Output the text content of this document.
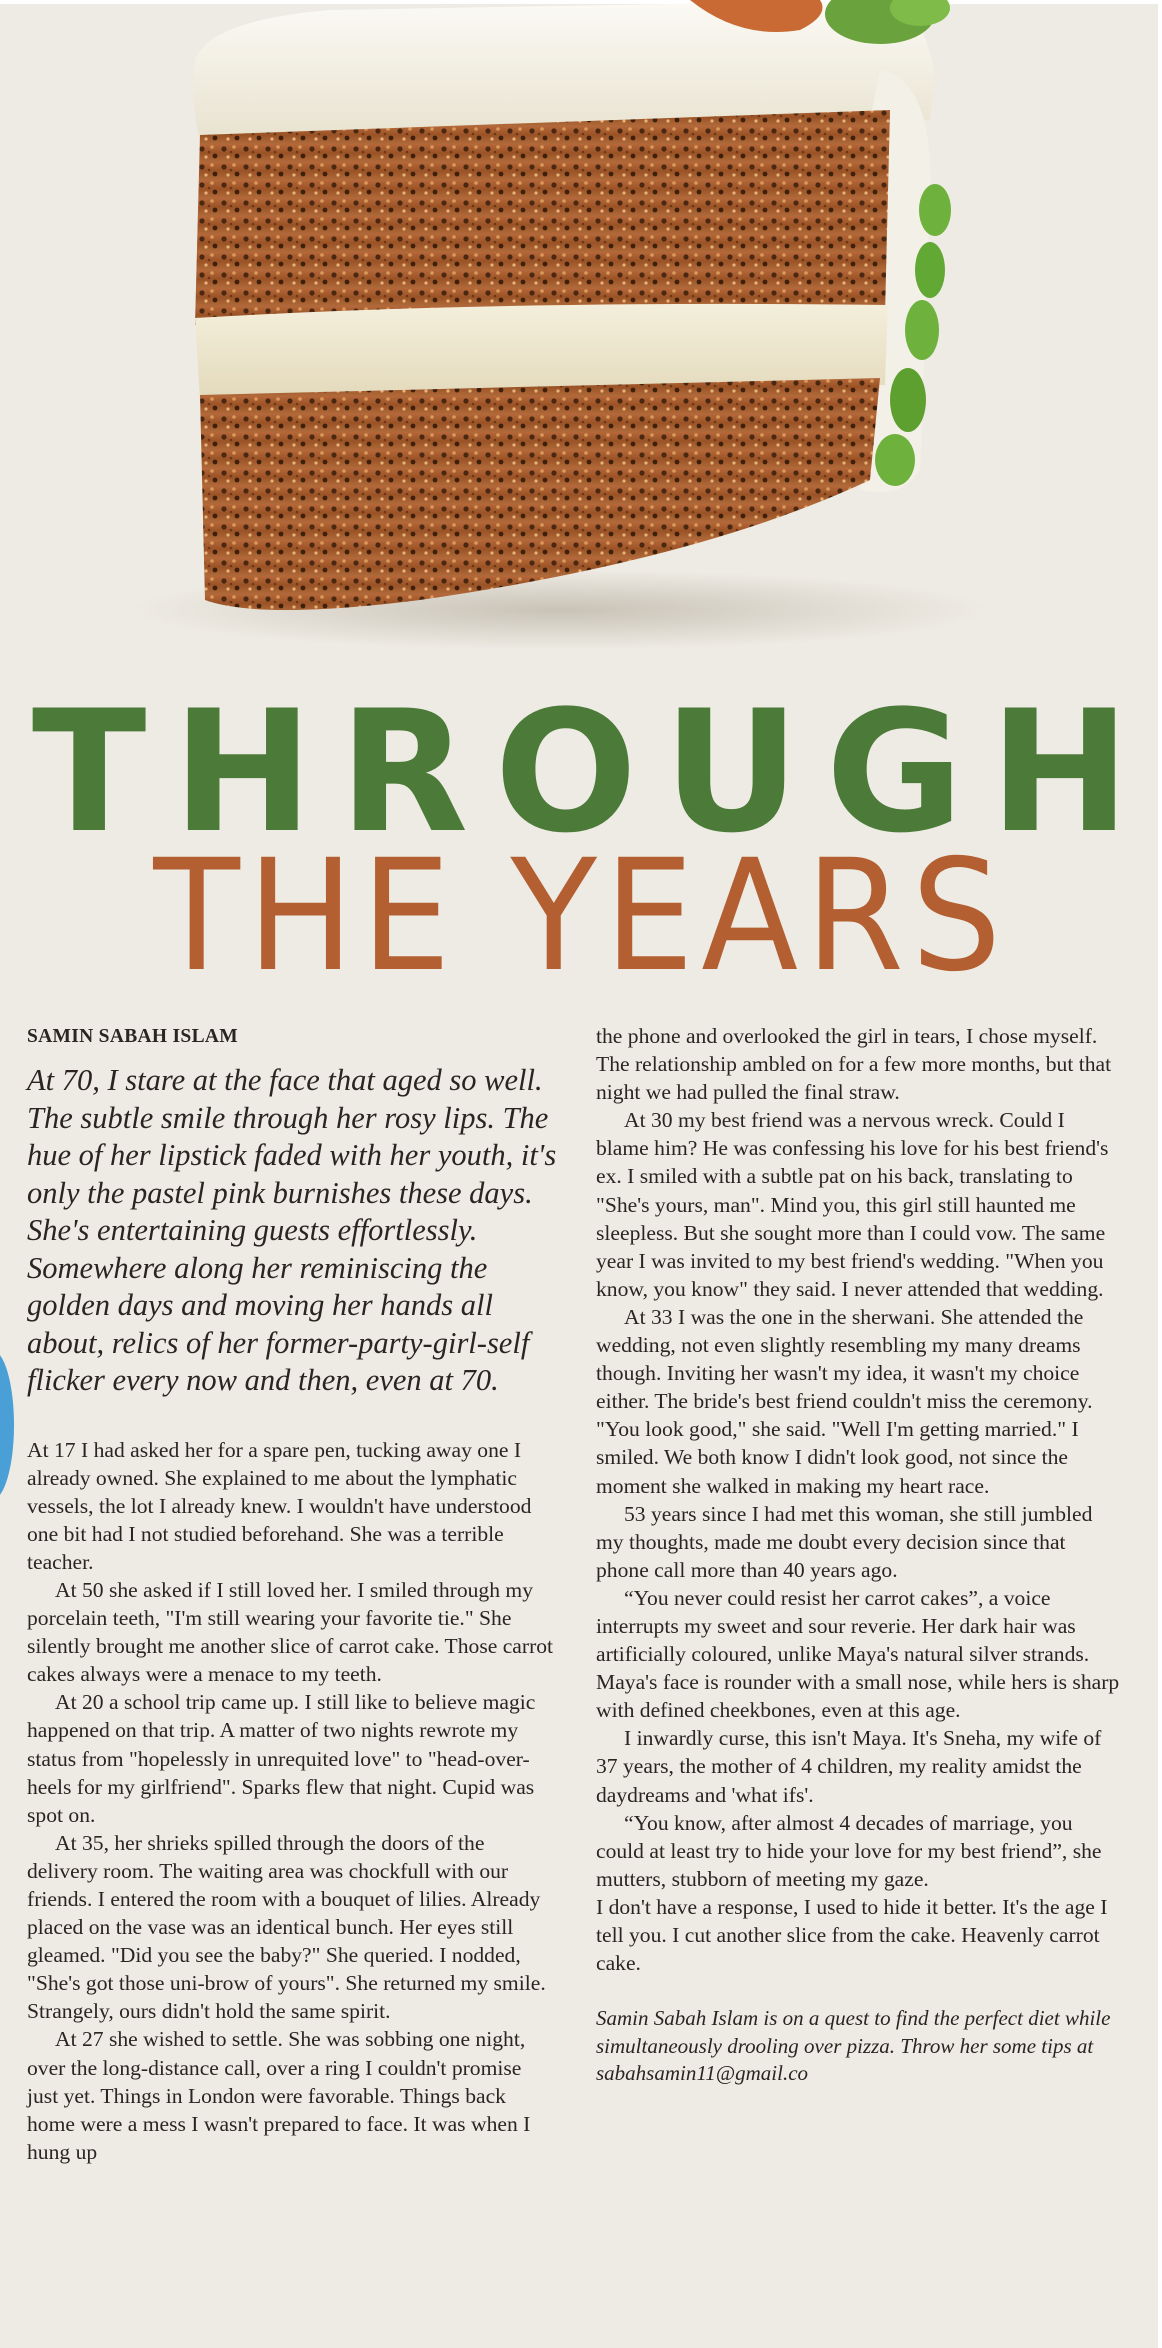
THROUGH
THE YEARS
SAMIN SABAH ISLAM
At 70, I stare at the face that aged so well. The subtle smile through her rosy lips. The hue of her lipstick faded with her youth, it's only the pastel pink burnishes these days. She's entertaining guests effortlessly. Somewhere along her reminiscing the golden days and moving her hands all about, relics of her former-party-girl-self flicker every now and then, even at 70.

At 17 I had asked her for a spare pen, tucking away one I already owned. She explained to me about the lymphatic vessels, the lot I already knew. I wouldn't have understood one bit had I not studied beforehand. She was a terrible teacher.

At 50 she asked if I still loved her. I smiled through my porcelain teeth, "I'm still wearing your favorite tie." She silently brought me another slice of carrot cake. Those carrot cakes always were a menace to my teeth.

At 20 a school trip came up. I still like to believe magic happened on that trip. A matter of two nights rewrote my status from "hopelessly in unrequited love" to "head-over-heels for my girlfriend". Sparks flew that night. Cupid was spot on.

At 35, her shrieks spilled through the doors of the delivery room. The waiting area was chockfull with our friends. I entered the room with a bouquet of lilies. Already placed on the vase was an identical bunch. Her eyes still gleamed. "Did you see the baby?" She queried. I nodded, "She's got those uni-brow of yours". She returned my smile. Strangely, ours didn't hold the same spirit.

At 27 she wished to settle. She was sobbing one night, over the long-distance call, over a ring I couldn't promise just yet. Things in London were favorable. Things back home were a mess I wasn't prepared to face. It was when I hung up

the phone and overlooked the girl in tears, I chose myself. The relationship ambled on for a few more months, but that night we had pulled the final straw.

At 30 my best friend was a nervous wreck. Could I blame him? He was confessing his love for his best friend's ex. I smiled with a subtle pat on his back, translating to "She's yours, man". Mind you, this girl still haunted me sleepless. But she sought more than I could vow. The same year I was invited to my best friend's wedding. "When you know, you know" they said. I never attended that wedding.

At 33 I was the one in the sherwani. She attended the wedding, not even slightly resembling my many dreams though. Inviting her wasn't my idea, it wasn't my choice either. The bride's best friend couldn't miss the ceremony. "You look good," she said. "Well I'm getting married." I smiled. We both know I didn't look good, not since the moment she walked in making my heart race.

53 years since I had met this woman, she still jumbled my thoughts, made me doubt every decision since that phone call more than 40 years ago.

“You never could resist her carrot cakes”, a voice interrupts my sweet and sour reverie. Her dark hair was artificially coloured, unlike Maya's natural silver strands. Maya's face is rounder with a small nose, while hers is sharp with defined cheekbones, even at this age.

I inwardly curse, this isn't Maya. It's Sneha, my wife of 37 years, the mother of 4 children, my reality amidst the daydreams and 'what ifs'.

“You know, after almost 4 decades of marriage, you could at least try to hide your love for my best friend”, she mutters, stubborn of meeting my gaze.

I don't have a response, I used to hide it better. It's the age I tell you. I cut another slice from the cake. Heavenly carrot cake.

Samin Sabah Islam is on a quest to find the perfect diet while simultaneously drooling over pizza. Throw her some tips at sabahsamin11@gmail.co
